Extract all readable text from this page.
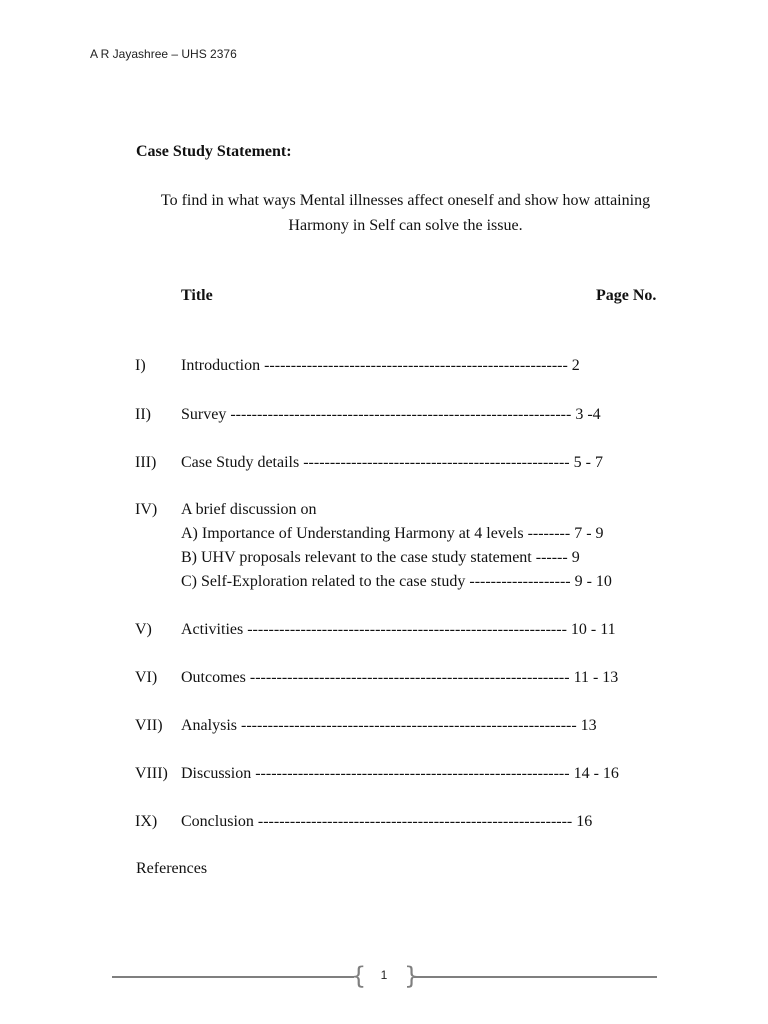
A R Jayashree – UHS 2376
Case Study Statement:
To find in what ways Mental illnesses affect oneself and show how attaining
Harmony in Self can solve the issue.
Title	Page No.
I) Introduction --------------------------------------------------------- 2
II) Survey ---------------------------------------------------------------- 3 -4
III) Case Study details -------------------------------------------------- 5 - 7
IV) A brief discussion on
A) Importance of Understanding Harmony at 4 levels -------- 7 - 9
B) UHV proposals relevant to the case study statement ------ 9
C) Self-Exploration related to the case study ------------------- 9 - 10
V) Activities ------------------------------------------------------------ 10 - 11
VI) Outcomes ------------------------------------------------------------ 11 - 13
VII) Analysis --------------------------------------------------------------- 13
VIII) Discussion ----------------------------------------------------------- 14 - 16
IX) Conclusion ----------------------------------------------------------- 16
References
{	1 }
